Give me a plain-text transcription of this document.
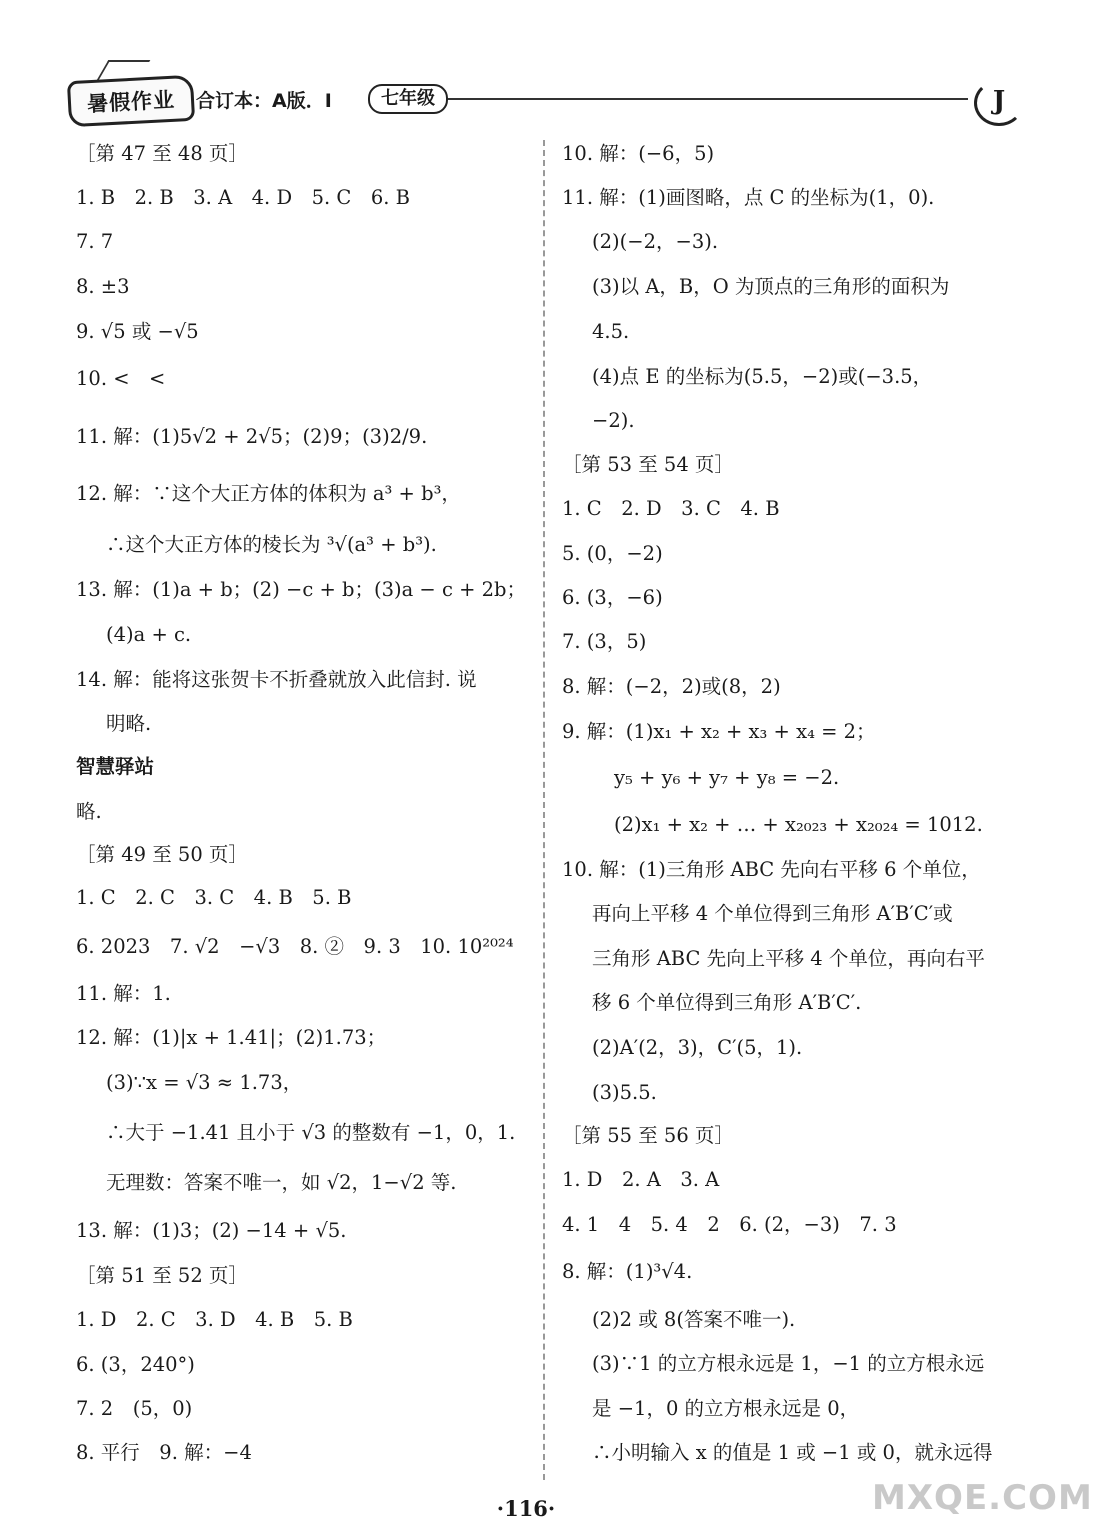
暑假作业	合订本：A版．I	七年级	J
［第 47 至 48 页］
1. B　2. B　3. A　4. D　5. C　6. B
7. 7
8. ±3
9. √5 或 −√5
10. <　<
11. 解：(1)5√2 + 2√5；(2)9；(3)2/9.
12. 解：∵这个大正方体的体积为 a³ + b³，
∴这个大正方体的棱长为 ³√(a³ + b³).
13. 解：(1)a + b；(2) −c + b；(3)a − c + 2b；
(4)a + c.
14. 解：能将这张贺卡不折叠就放入此信封. 说
明略.
智慧驿站
略.
［第 49 至 50 页］
1. C　2. C　3. C　4. B　5. B
6. 2023　7. √2　−√3　8. ②　9. 3　10. 10²⁰²⁴
11. 解：1.
12. 解：(1)|x + 1.41|；(2)1.73；
(3)∵x = √3 ≈ 1.73，
∴大于 −1.41 且小于 √3 的整数有 −1，0，1.
无理数：答案不唯一，如 √2，1−√2 等.
13. 解：(1)3；(2) −14 + √5.
［第 51 至 52 页］
1. D　2. C　3. D　4. B　5. B
6. (3，240°)
7. 2　(5，0)
8. 平行　9. 解：−4
10. 解：(−6，5)
11. 解：(1)画图略，点 C 的坐标为(1，0).
(2)(−2，−3).
(3)以 A，B，O 为顶点的三角形的面积为
4.5.
(4)点 E 的坐标为(5.5，−2)或(−3.5，
−2).
［第 53 至 54 页］
1. C　2. D　3. C　4. B
5. (0，−2)
6. (3，−6)
7. (3，5)
8. 解：(−2，2)或(8，2)
9. 解：(1)x₁ + x₂ + x₃ + x₄ = 2；
y₅ + y₆ + y₇ + y₈ = −2.
(2)x₁ + x₂ + … + x₂₀₂₃ + x₂₀₂₄ = 1012.
10. 解：(1)三角形 ABC 先向右平移 6 个单位，
再向上平移 4 个单位得到三角形 A′B′C′或
三角形 ABC 先向上平移 4 个单位，再向右平
移 6 个单位得到三角形 A′B′C′.
(2)A′(2，3)，C′(5，1).
(3)5.5.
［第 55 至 56 页］
1. D　2. A　3. A
4. 1　4　5. 4　2　6. (2，−3)　7. 3
8. 解：(1)³√4.
(2)2 或 8(答案不唯一).
(3)∵1 的立方根永远是 1，−1 的立方根永远
是 −1，0 的立方根永远是 0，
∴小明输入 x 的值是 1 或 −1 或 0，就永远得
·116·	MXQE.COM
